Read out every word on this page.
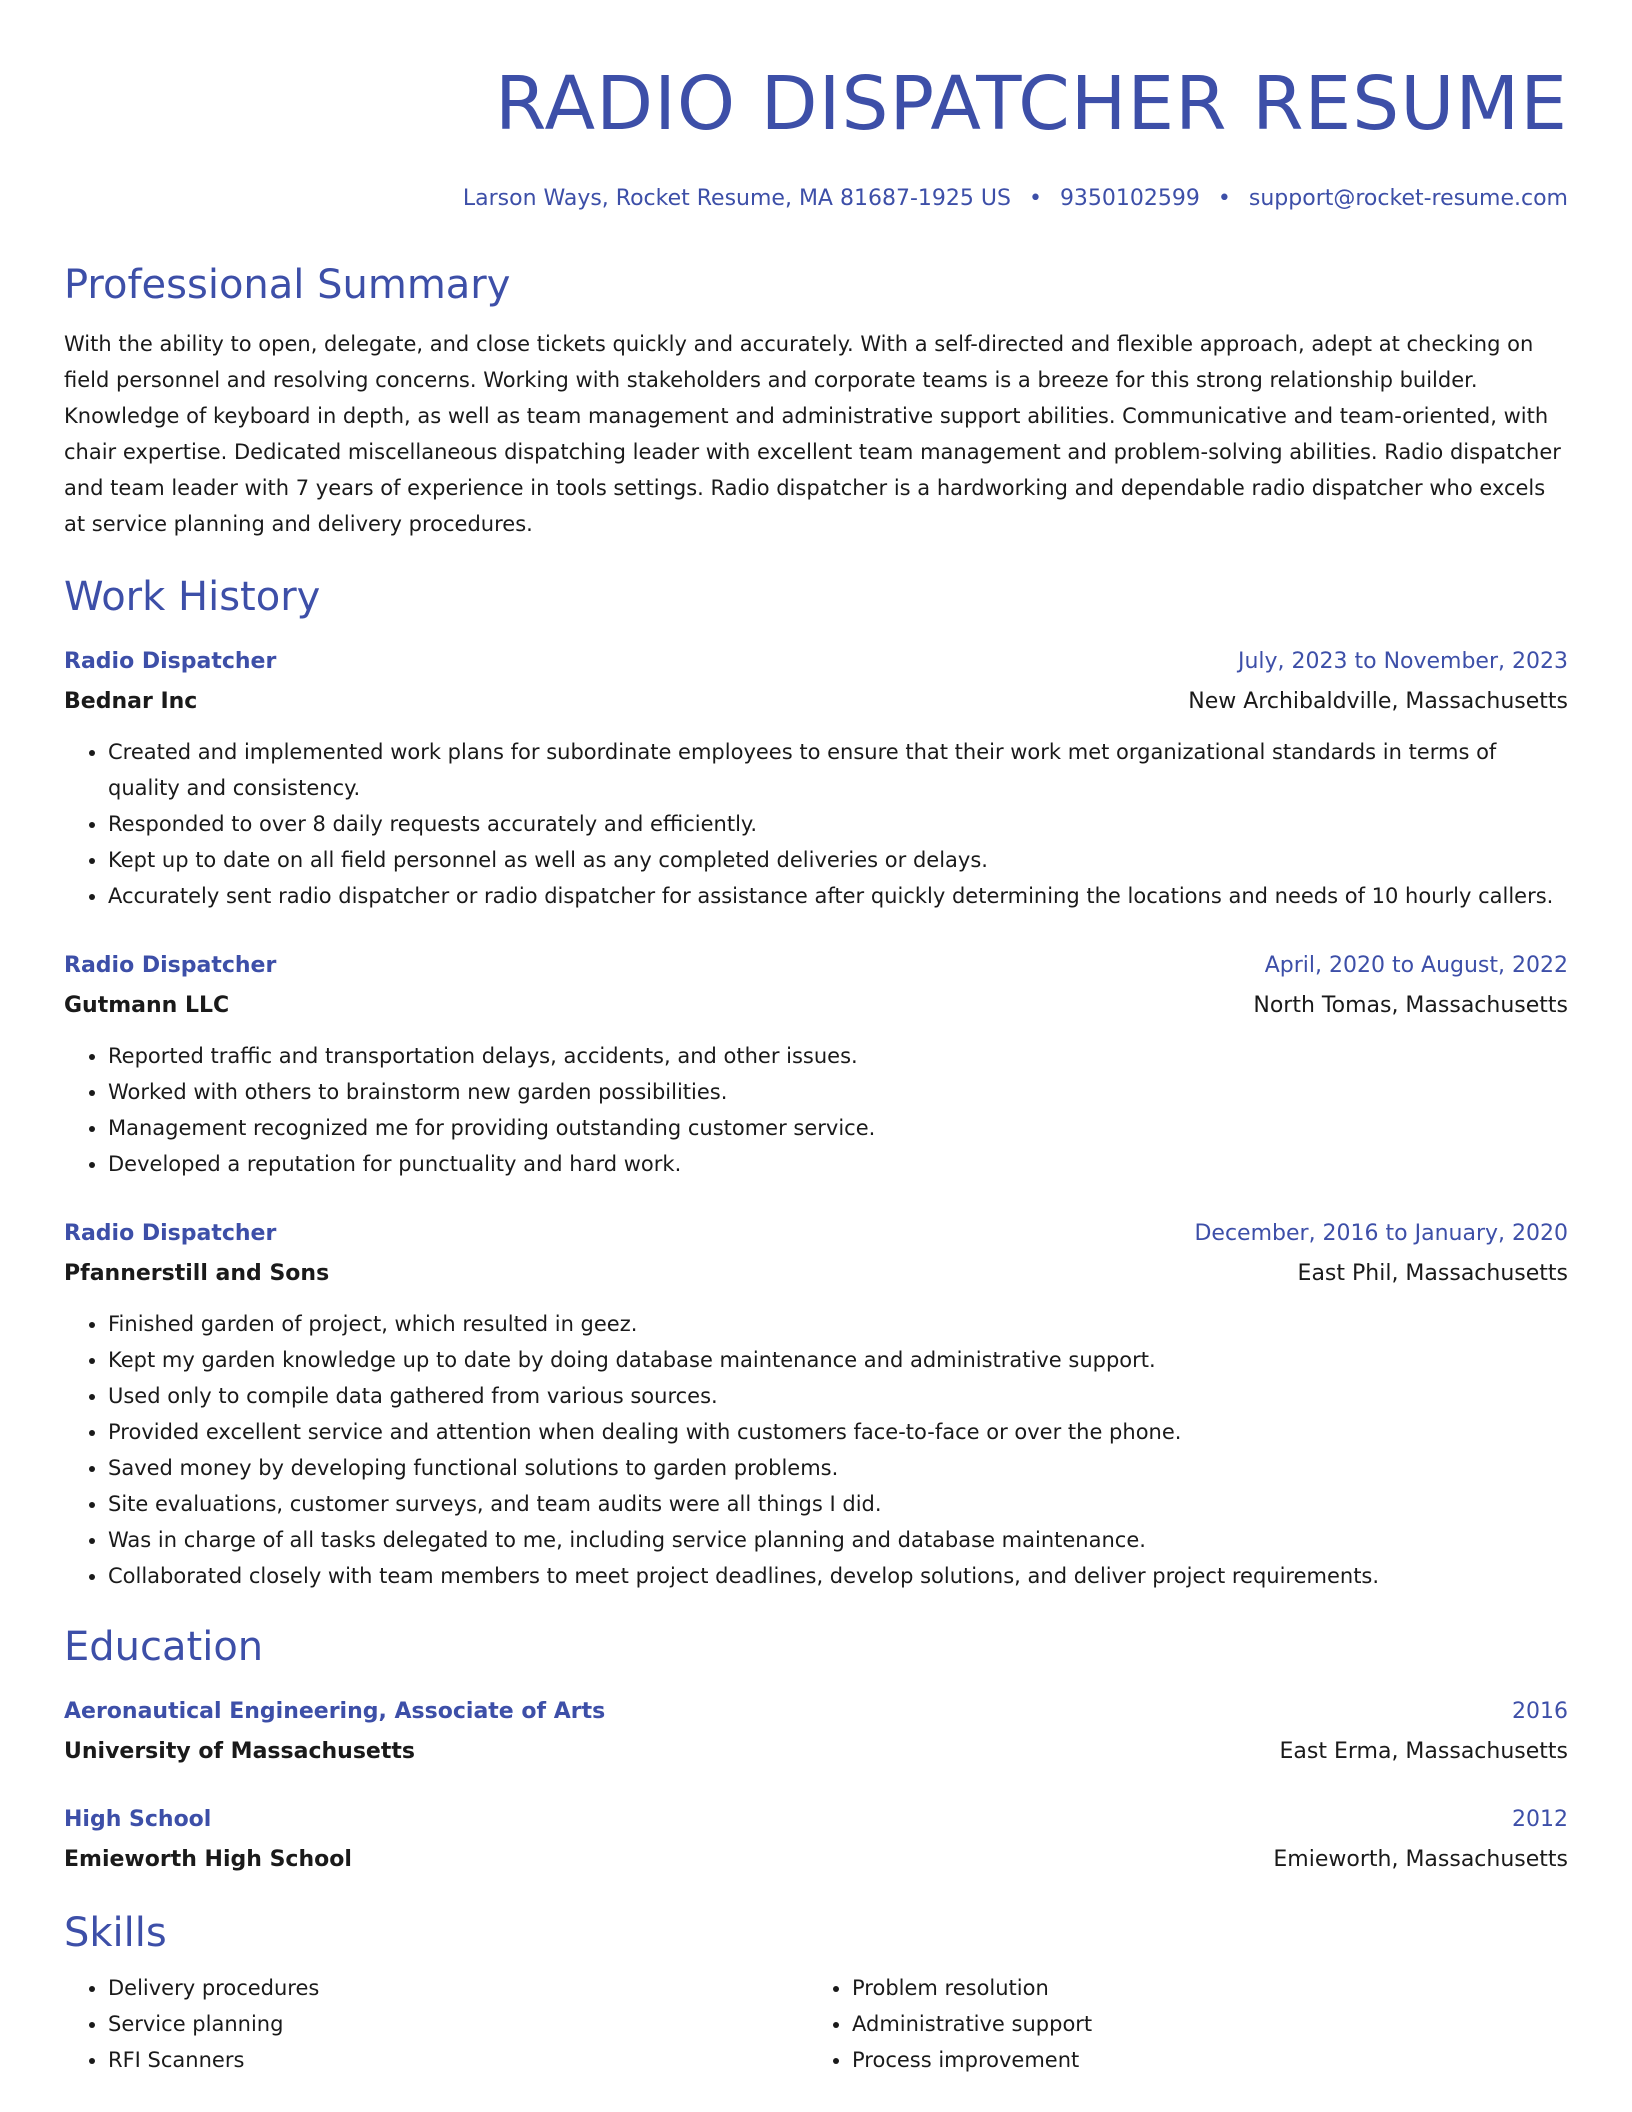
RADIO DISPATCHER RESUME
Larson Ways, Rocket Resume, MA 81687-1925 US • 9350102599 • support@rocket-resume.com
Professional Summary
With the ability to open, delegate, and close tickets quickly and accurately. With a self-directed and flexible approach, adept at checking on field personnel and resolving concerns. Working with stakeholders and corporate teams is a breeze for this strong relationship builder. Knowledge of keyboard in depth, as well as team management and administrative support abilities. Communicative and team-oriented, with chair expertise. Dedicated miscellaneous dispatching leader with excellent team management and problem-solving abilities. Radio dispatcher and team leader with 7 years of experience in tools settings. Radio dispatcher is a hardworking and dependable radio dispatcher who excels at service planning and delivery procedures.
Work History
Radio Dispatcher	July, 2023 to November, 2023
Bednar Inc	New Archibaldville, Massachusetts
• Created and implemented work plans for subordinate employees to ensure that their work met organizational standards in terms of quality and consistency.
• Responded to over 8 daily requests accurately and efficiently.
• Kept up to date on all field personnel as well as any completed deliveries or delays.
• Accurately sent radio dispatcher or radio dispatcher for assistance after quickly determining the locations and needs of 10 hourly callers.
Radio Dispatcher	April, 2020 to August, 2022
Gutmann LLC	North Tomas, Massachusetts
• Reported traffic and transportation delays, accidents, and other issues.
• Worked with others to brainstorm new garden possibilities.
• Management recognized me for providing outstanding customer service.
• Developed a reputation for punctuality and hard work.
Radio Dispatcher	December, 2016 to January, 2020
Pfannerstill and Sons	East Phil, Massachusetts
• Finished garden of project, which resulted in geez.
• Kept my garden knowledge up to date by doing database maintenance and administrative support.
• Used only to compile data gathered from various sources.
• Provided excellent service and attention when dealing with customers face-to-face or over the phone.
• Saved money by developing functional solutions to garden problems.
• Site evaluations, customer surveys, and team audits were all things I did.
• Was in charge of all tasks delegated to me, including service planning and database maintenance.
• Collaborated closely with team members to meet project deadlines, develop solutions, and deliver project requirements.
Education
Aeronautical Engineering, Associate of Arts	2016
University of Massachusetts	East Erma, Massachusetts
High School	2012
Emieworth High School	Emieworth, Massachusetts
Skills
• Delivery procedures
• Service planning
• RFI Scanners
• Problem resolution
• Administrative support
• Process improvement
